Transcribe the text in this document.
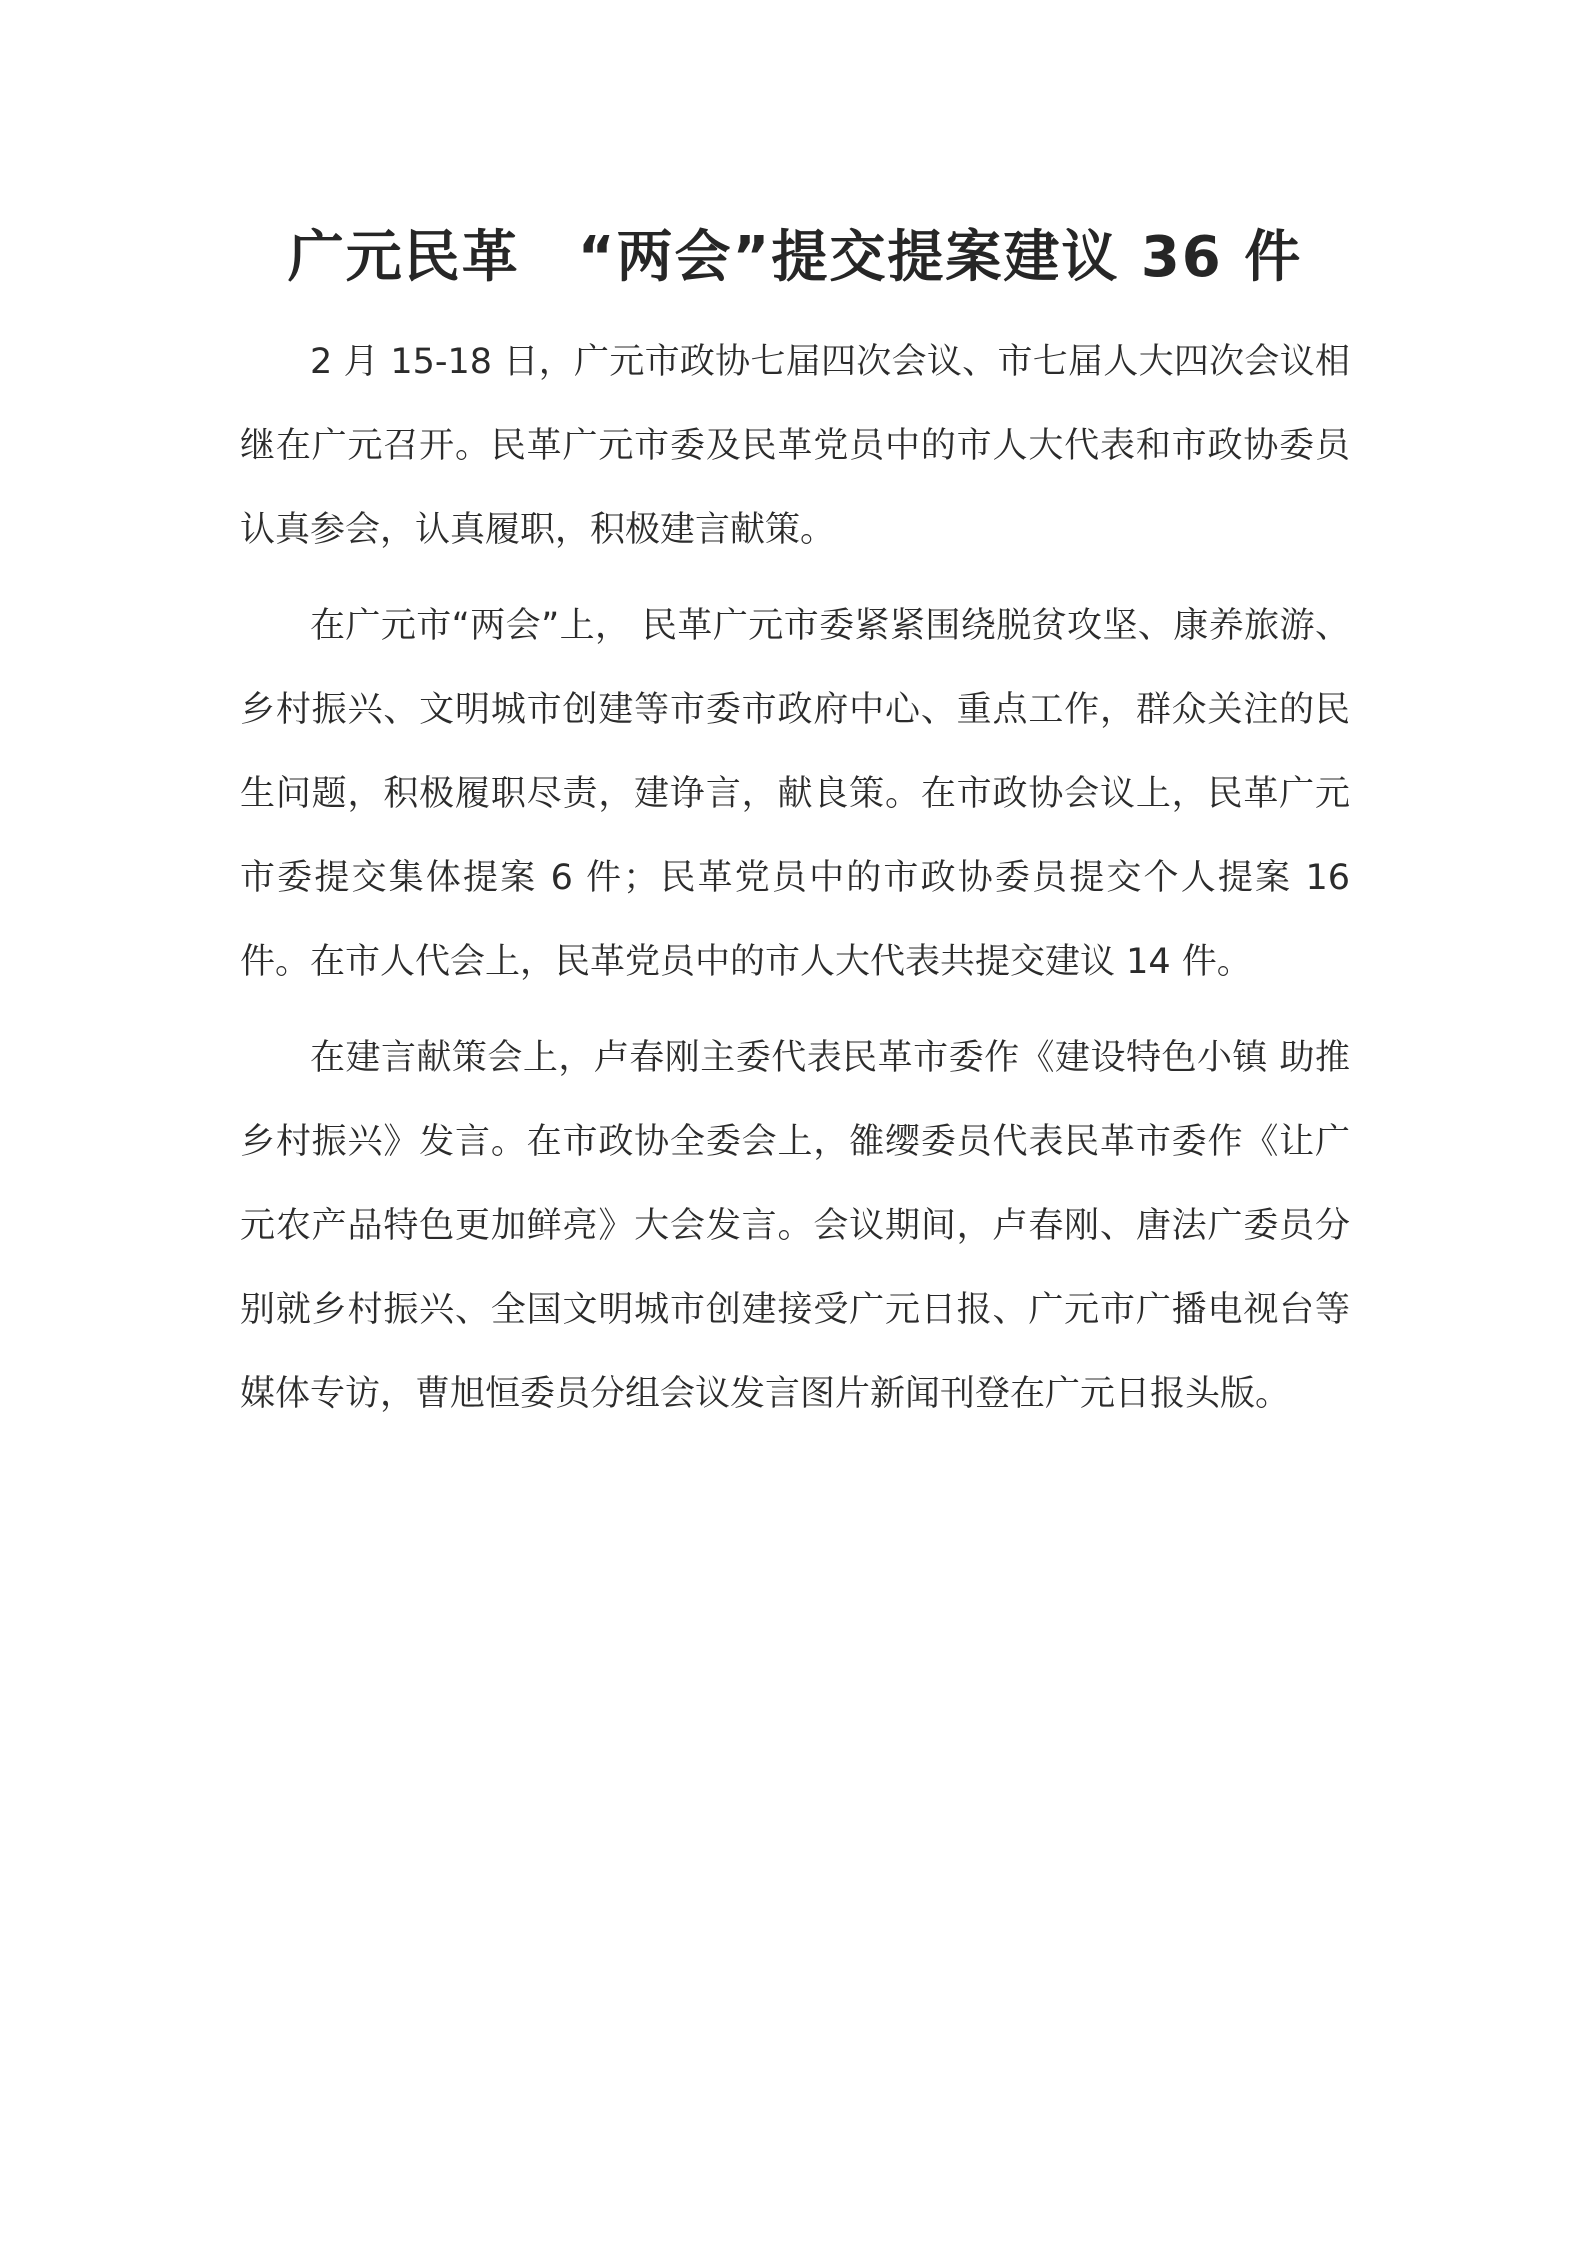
广元民革　“两会”提交提案建议 36 件

2 月 15-18 日，广元市政协七届四次会议、市七届人大四次会议相继在广元召开。民革广元市委及民革党员中的市人大代表和市政协委员认真参会，认真履职，积极建言献策。

在广元市“两会”上， 民革广元市委紧紧围绕脱贫攻坚、康养旅游、乡村振兴、文明城市创建等市委市政府中心、重点工作，群众关注的民生问题，积极履职尽责，建诤言，献良策。在市政协会议上，民革广元市委提交集体提案 6 件；民革党员中的市政协委员提交个人提案 16 件。在市人代会上，民革党员中的市人大代表共提交建议 14 件。

在建言献策会上，卢春刚主委代表民革市委作《建设特色小镇 助推乡村振兴》发言。在市政协全委会上，雒缨委员代表民革市委作《让广元农产品特色更加鲜亮》大会发言。会议期间，卢春刚、唐法广委员分别就乡村振兴、全国文明城市创建接受广元日报、广元市广播电视台等媒体专访，曹旭恒委员分组会议发言图片新闻刊登在广元日报头版。
